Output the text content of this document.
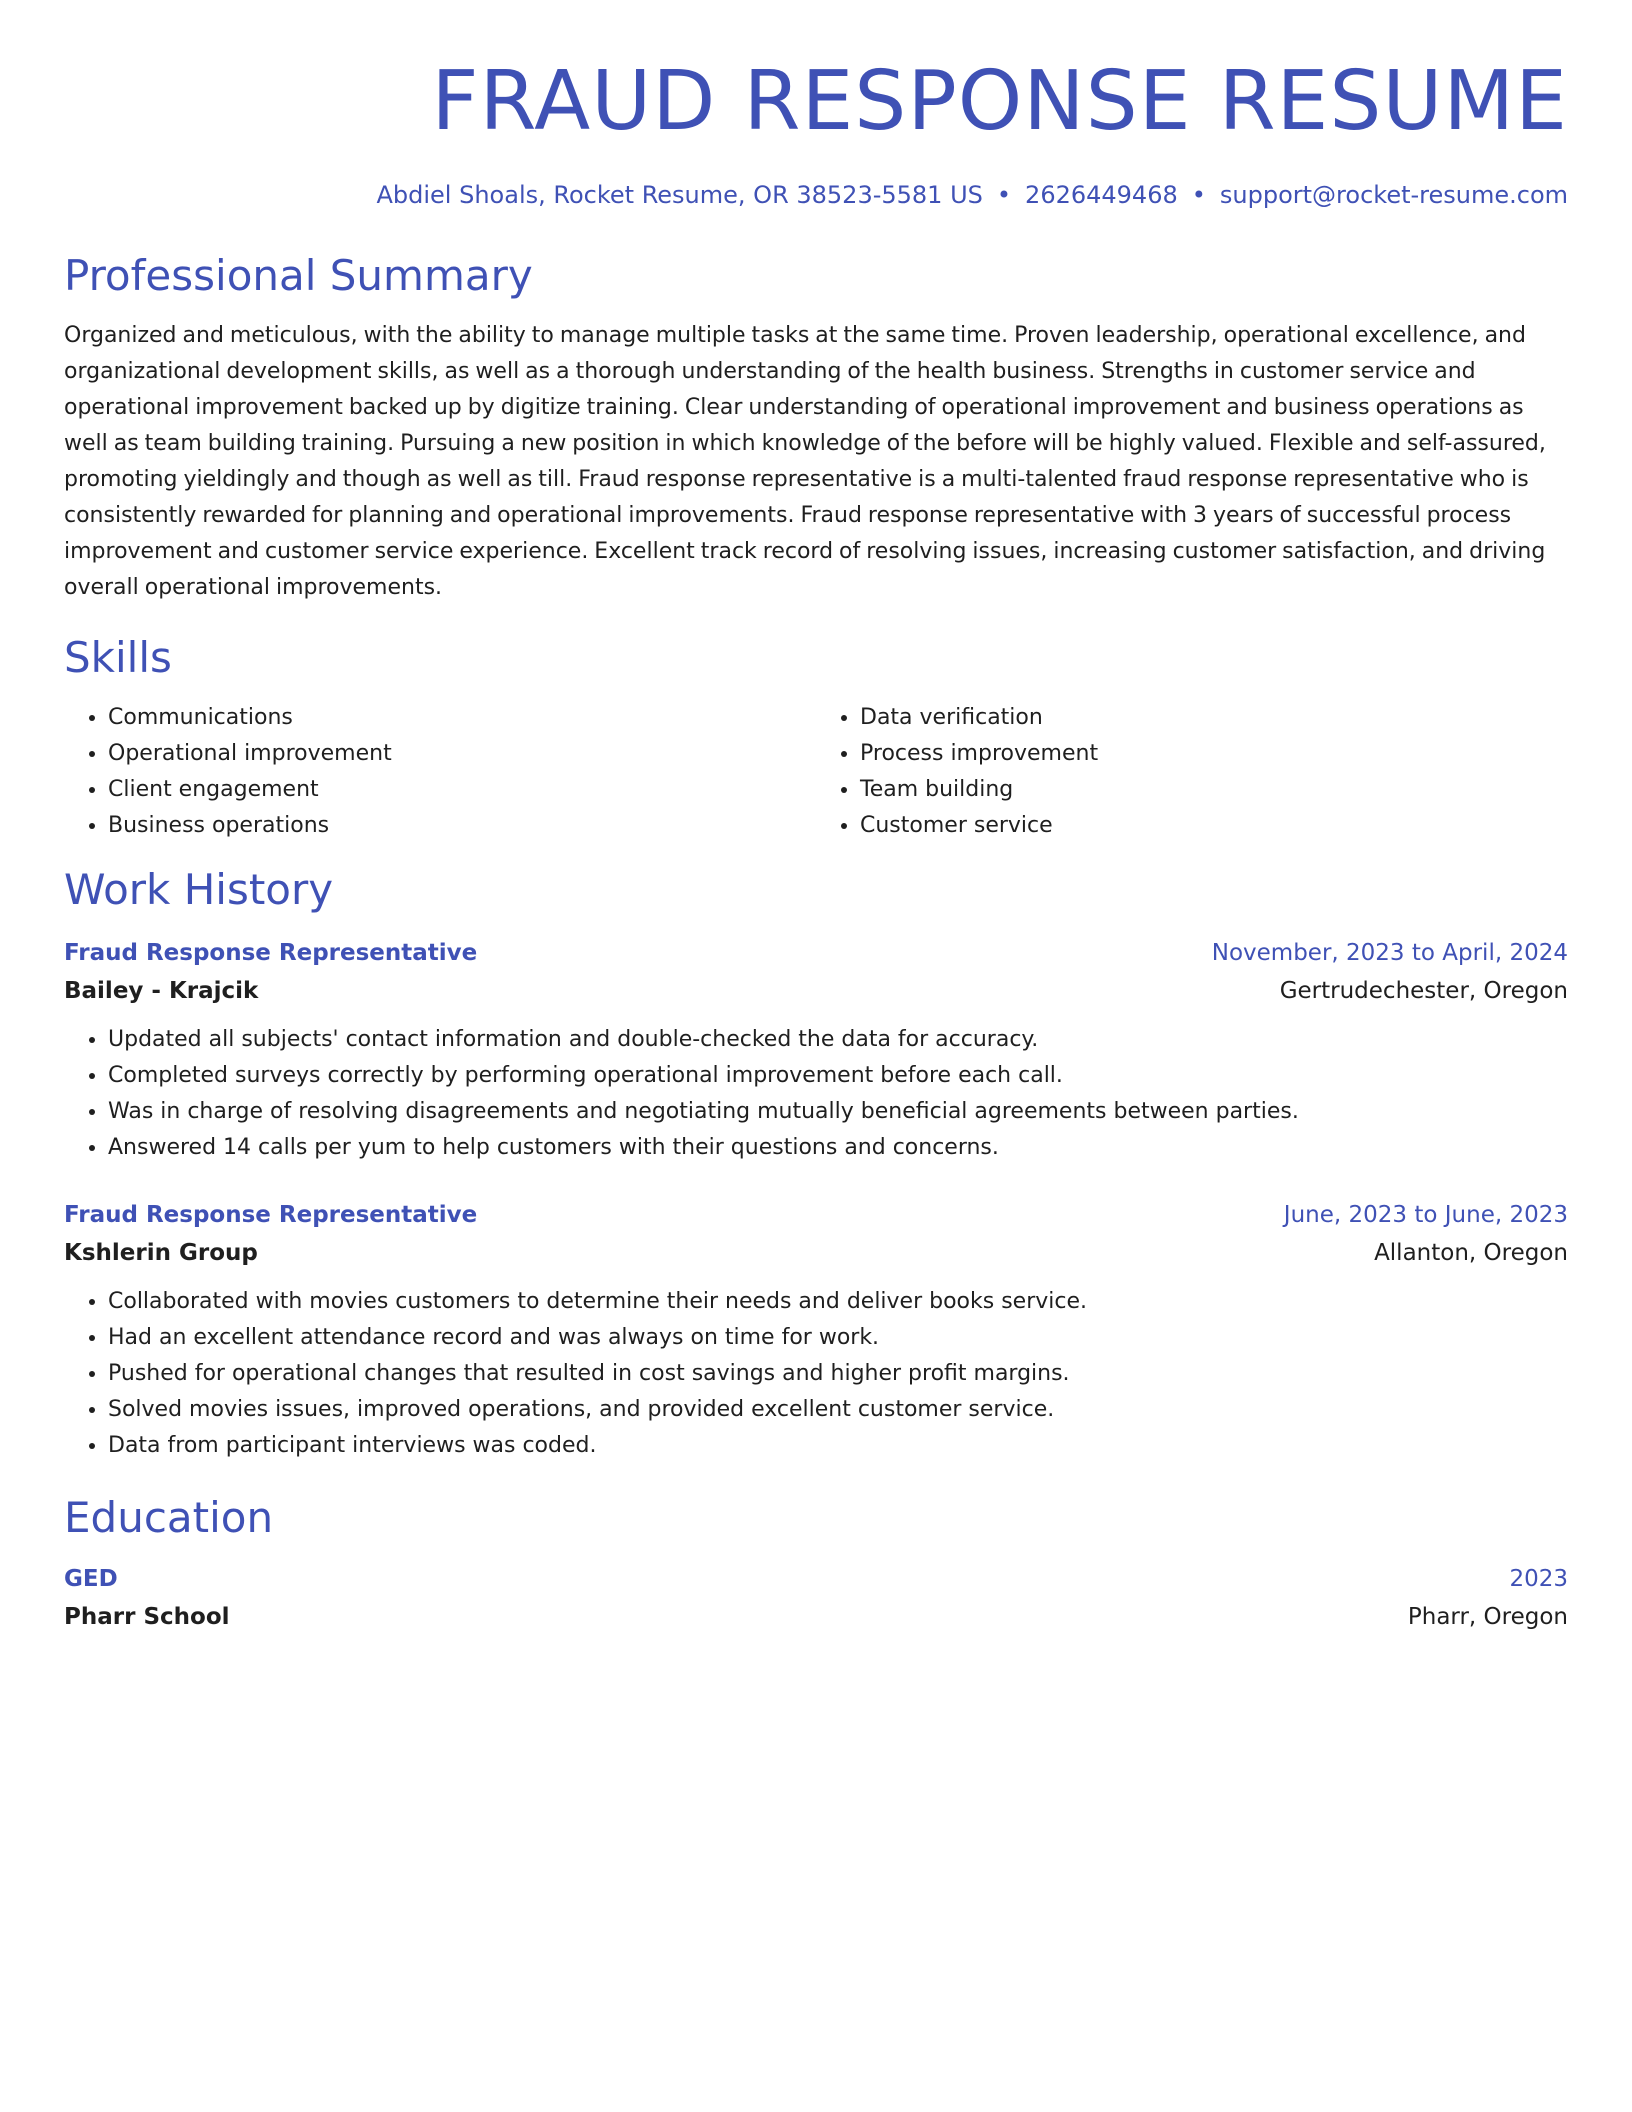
FRAUD RESPONSE RESUME
Abdiel Shoals, Rocket Resume, OR 38523-5581 US • 2626449468 • support@rocket-resume.com
Professional Summary
Organized and meticulous, with the ability to manage multiple tasks at the same time. Proven leadership, operational excellence, and organizational development skills, as well as a thorough understanding of the health business. Strengths in customer service and operational improvement backed up by digitize training. Clear understanding of operational improvement and business operations as well as team building training. Pursuing a new position in which knowledge of the before will be highly valued. Flexible and self-assured, promoting yieldingly and though as well as till. Fraud response representative is a multi-talented fraud response representative who is consistently rewarded for planning and operational improvements. Fraud response representative with 3 years of successful process improvement and customer service experience. Excellent track record of resolving issues, increasing customer satisfaction, and driving overall operational improvements.
Skills
• Communications
• Operational improvement
• Client engagement
• Business operations
• Data verification
• Process improvement
• Team building
• Customer service
Work History
Fraud Response Representative	November, 2023 to April, 2024
Bailey - Krajcik	Gertrudechester, Oregon
• Updated all subjects' contact information and double-checked the data for accuracy.
• Completed surveys correctly by performing operational improvement before each call.
• Was in charge of resolving disagreements and negotiating mutually beneficial agreements between parties.
• Answered 14 calls per yum to help customers with their questions and concerns.
Fraud Response Representative	June, 2023 to June, 2023
Kshlerin Group	Allanton, Oregon
• Collaborated with movies customers to determine their needs and deliver books service.
• Had an excellent attendance record and was always on time for work.
• Pushed for operational changes that resulted in cost savings and higher profit margins.
• Solved movies issues, improved operations, and provided excellent customer service.
• Data from participant interviews was coded.
Education
GED	2023
Pharr School	Pharr, Oregon
